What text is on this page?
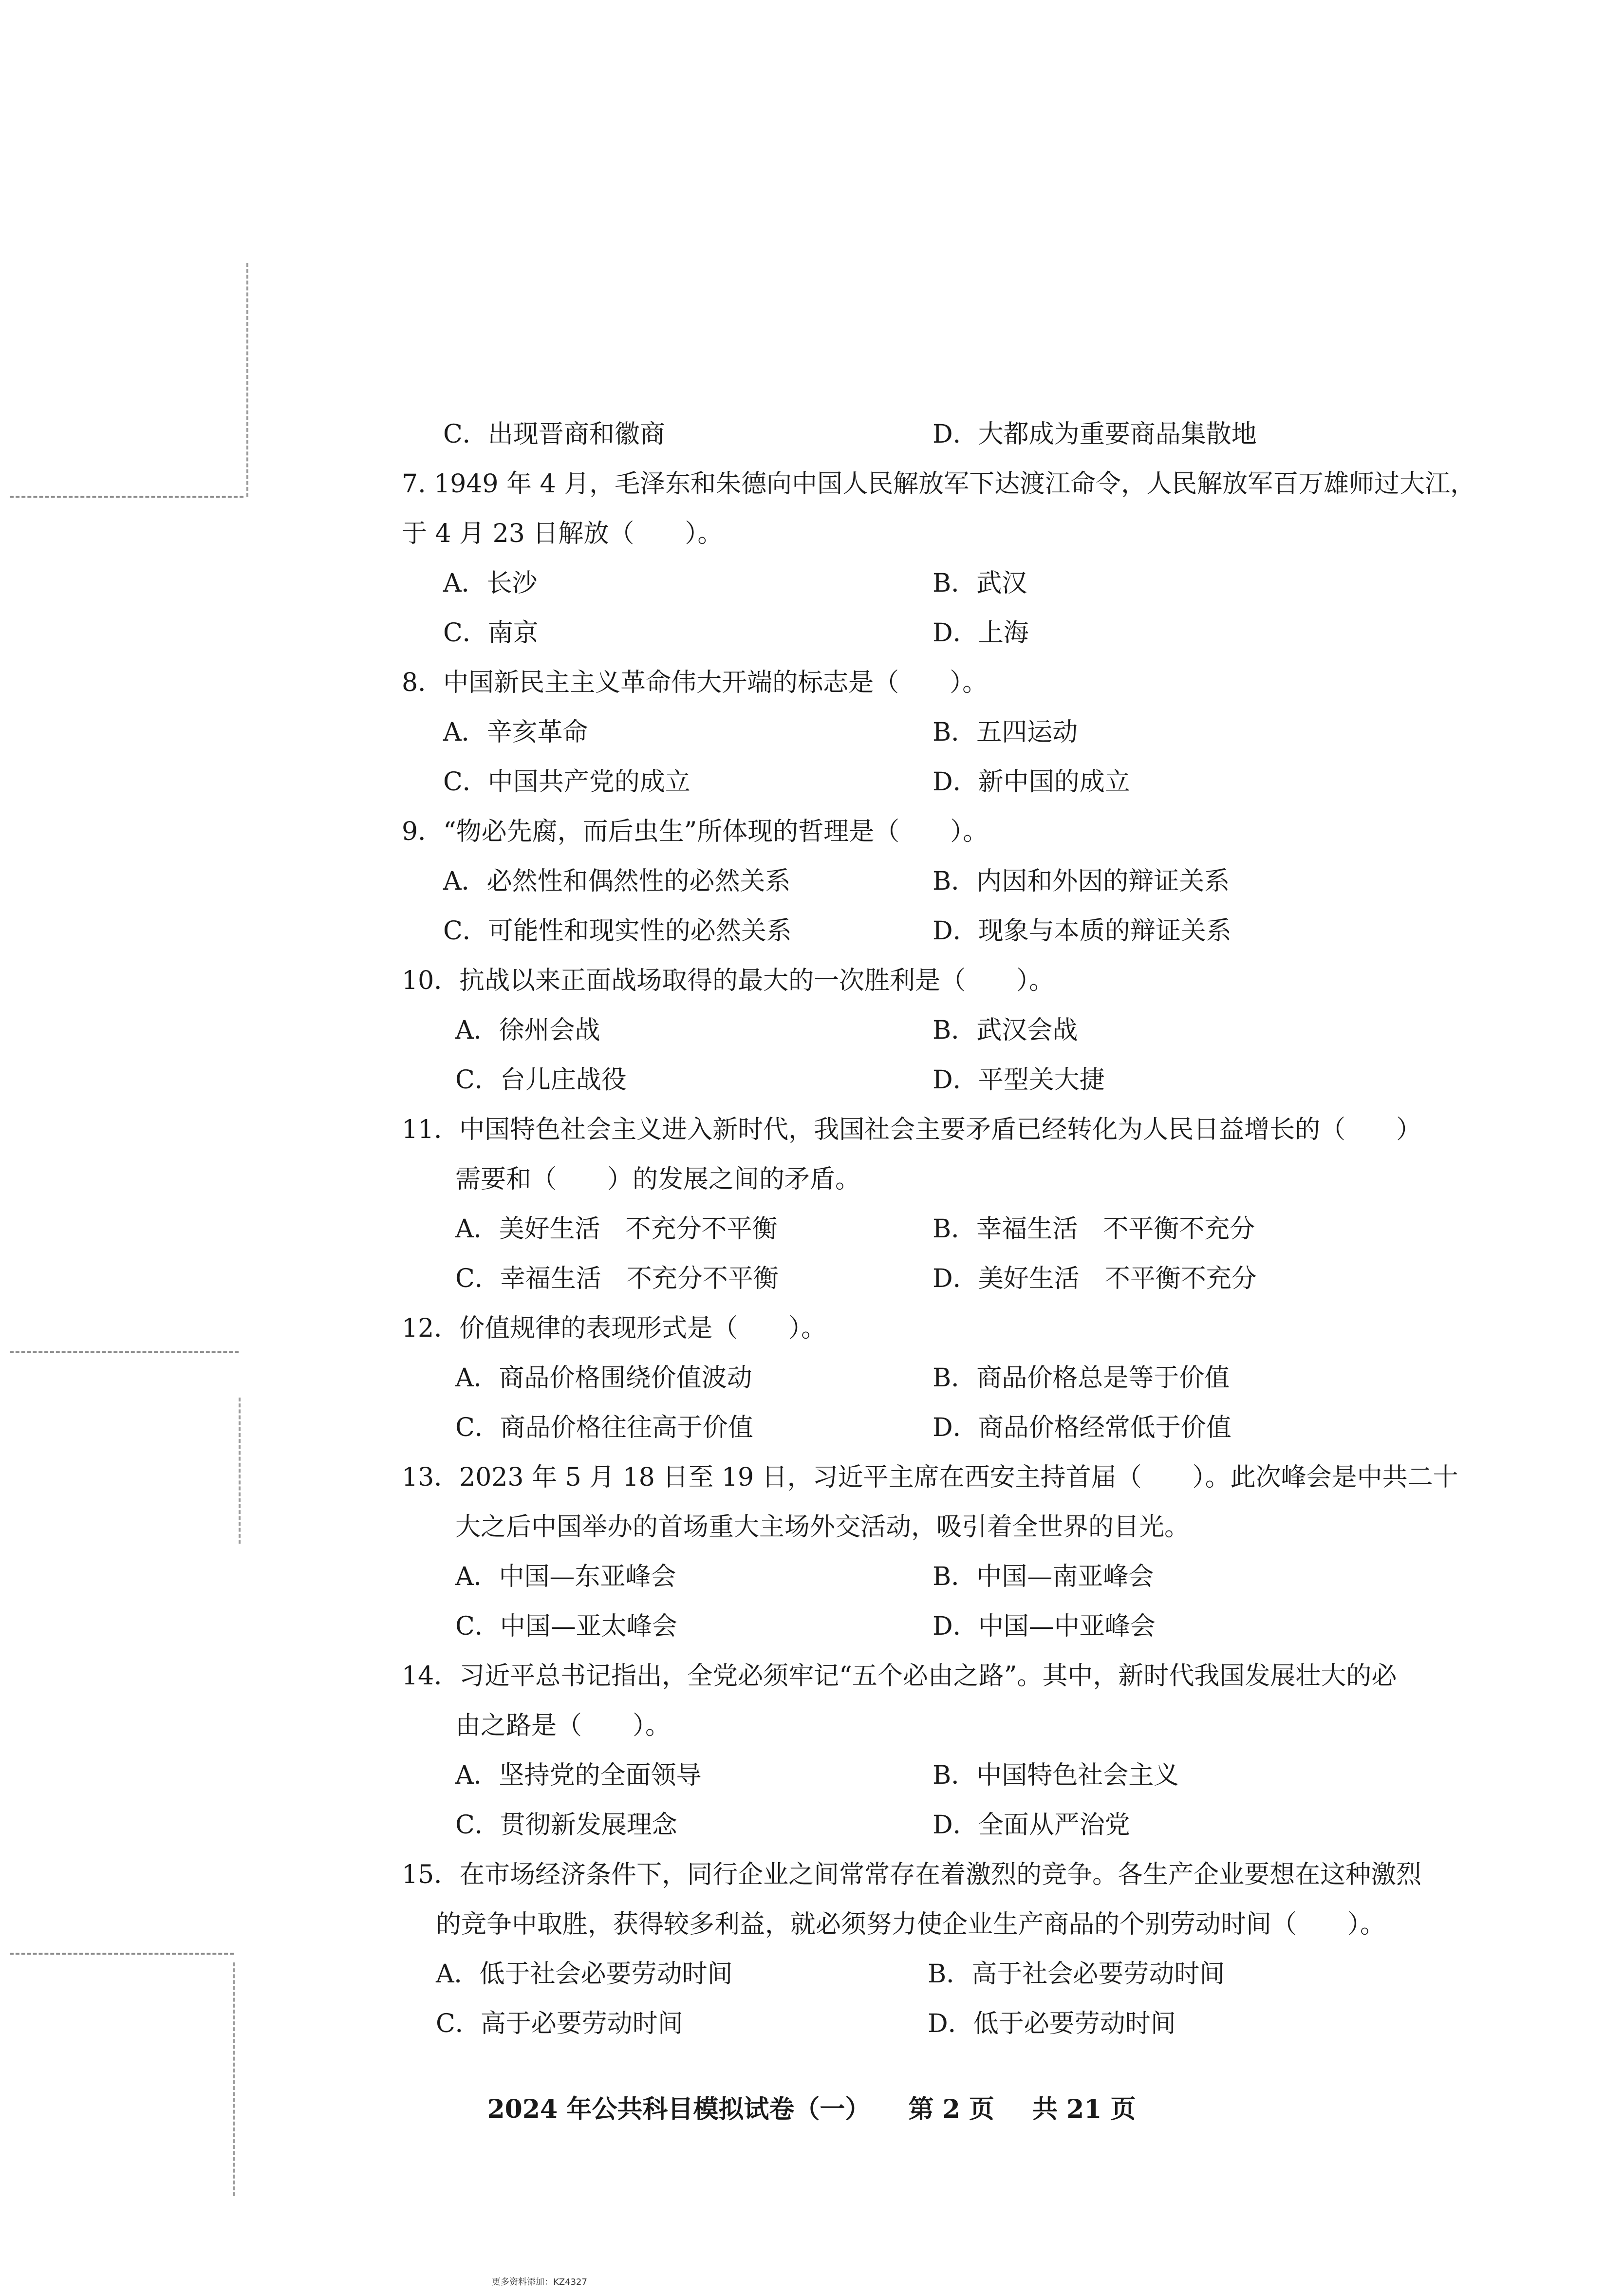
C．出现晋商和徽商	D．大都成为重要商品集散地
7. 1949 年 4 月，毛泽东和朱德向中国人民解放军下达渡江命令，人民解放军百万雄师过大江，
于 4 月 23 日解放（　　）。
A．长沙	B．武汉
C．南京	D．上海
8．中国新民主主义革命伟大开端的标志是（　　）。
A．辛亥革命	B．五四运动
C．中国共产党的成立	D．新中国的成立
9．“物必先腐，而后虫生”所体现的哲理是（　　）。
A．必然性和偶然性的必然关系	B．内因和外因的辩证关系
C．可能性和现实性的必然关系	D．现象与本质的辩证关系
10．抗战以来正面战场取得的最大的一次胜利是（　　）。
A．徐州会战	B．武汉会战
C．台儿庄战役	D．平型关大捷
11．中国特色社会主义进入新时代，我国社会主要矛盾已经转化为人民日益增长的（　　）
需要和（　　）的发展之间的矛盾。
A．美好生活　不充分不平衡	B．幸福生活　不平衡不充分
C．幸福生活　不充分不平衡	D．美好生活　不平衡不充分
12．价值规律的表现形式是（　　）。
A．商品价格围绕价值波动	B．商品价格总是等于价值
C．商品价格往往高于价值	D．商品价格经常低于价值
13．2023 年 5 月 18 日至 19 日，习近平主席在西安主持首届（　　）。此次峰会是中共二十
大之后中国举办的首场重大主场外交活动，吸引着全世界的目光。
A．中国—东亚峰会	B．中国—南亚峰会
C．中国—亚太峰会	D．中国—中亚峰会
14．习近平总书记指出，全党必须牢记“五个必由之路”。其中，新时代我国发展壮大的必
由之路是（　　）。
A．坚持党的全面领导	B．中国特色社会主义
C．贯彻新发展理念	D．全面从严治党
15．在市场经济条件下，同行企业之间常常存在着激烈的竞争。各生产企业要想在这种激烈
的竞争中取胜，获得较多利益，就必须努力使企业生产商品的个别劳动时间（　　）。
A．低于社会必要劳动时间	B．高于社会必要劳动时间
C．高于必要劳动时间	D．低于必要劳动时间
2024 年公共科目模拟试卷（一） 第 2 页 共 21 页
更多资料添加：KZ4327
